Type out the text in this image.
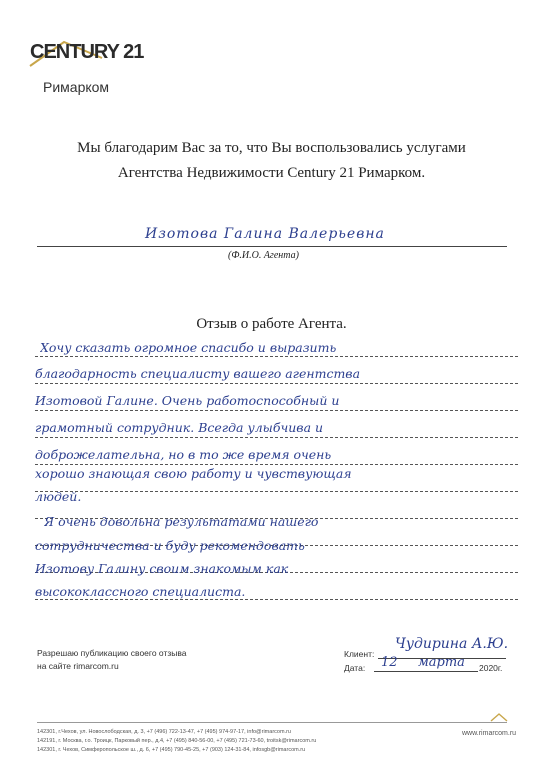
CENTURY 21
Римарком
Мы благодарим Вас за то, что Вы воспользовались услугами
Агентства Недвижимости Century 21 Римарком.
Изотова Галина Валерьевна
(Ф.И.О. Агента)
Отзыв о работе Агента.
Хочу сказать огромное спасибо и выразить
благодарность специалисту вашего агентства
Изотовой Галине. Очень работоспособный и
грамотный сотрудник. Всегда улыбчива и
доброжелательна, но в то же время очень
хорошо знающая свою работу и чувствующая
людей.
Я очень довольна результатами нашего
сотрудничества и буду рекомендовать
Изотову Галину своим знакомым как
высококлассного специалиста.
Разрешаю публикацию своего отзыва
на сайте rimarcom.ru
Клиент:
Чудирина А.Ю.
Дата: 12 марта 2020г.
142301, г.Чехов, ул. Новослободская, д. 3, +7 (496) 722-13-47, +7 (495) 974-97-17, info@rimarcom.ru
142191, г. Москва, г.о. Троицк, Парковый пер., д.4, +7 (495) 840-56-00, +7 (495) 721-73-60, troitsk@rimarcom.ru
142301, г. Чехов, Симферопольское ш., д. 6, +7 (495) 790-45-25, +7 (903) 124-31-84, infosgb@rimarcom.ru
www.rimarcom.ru
